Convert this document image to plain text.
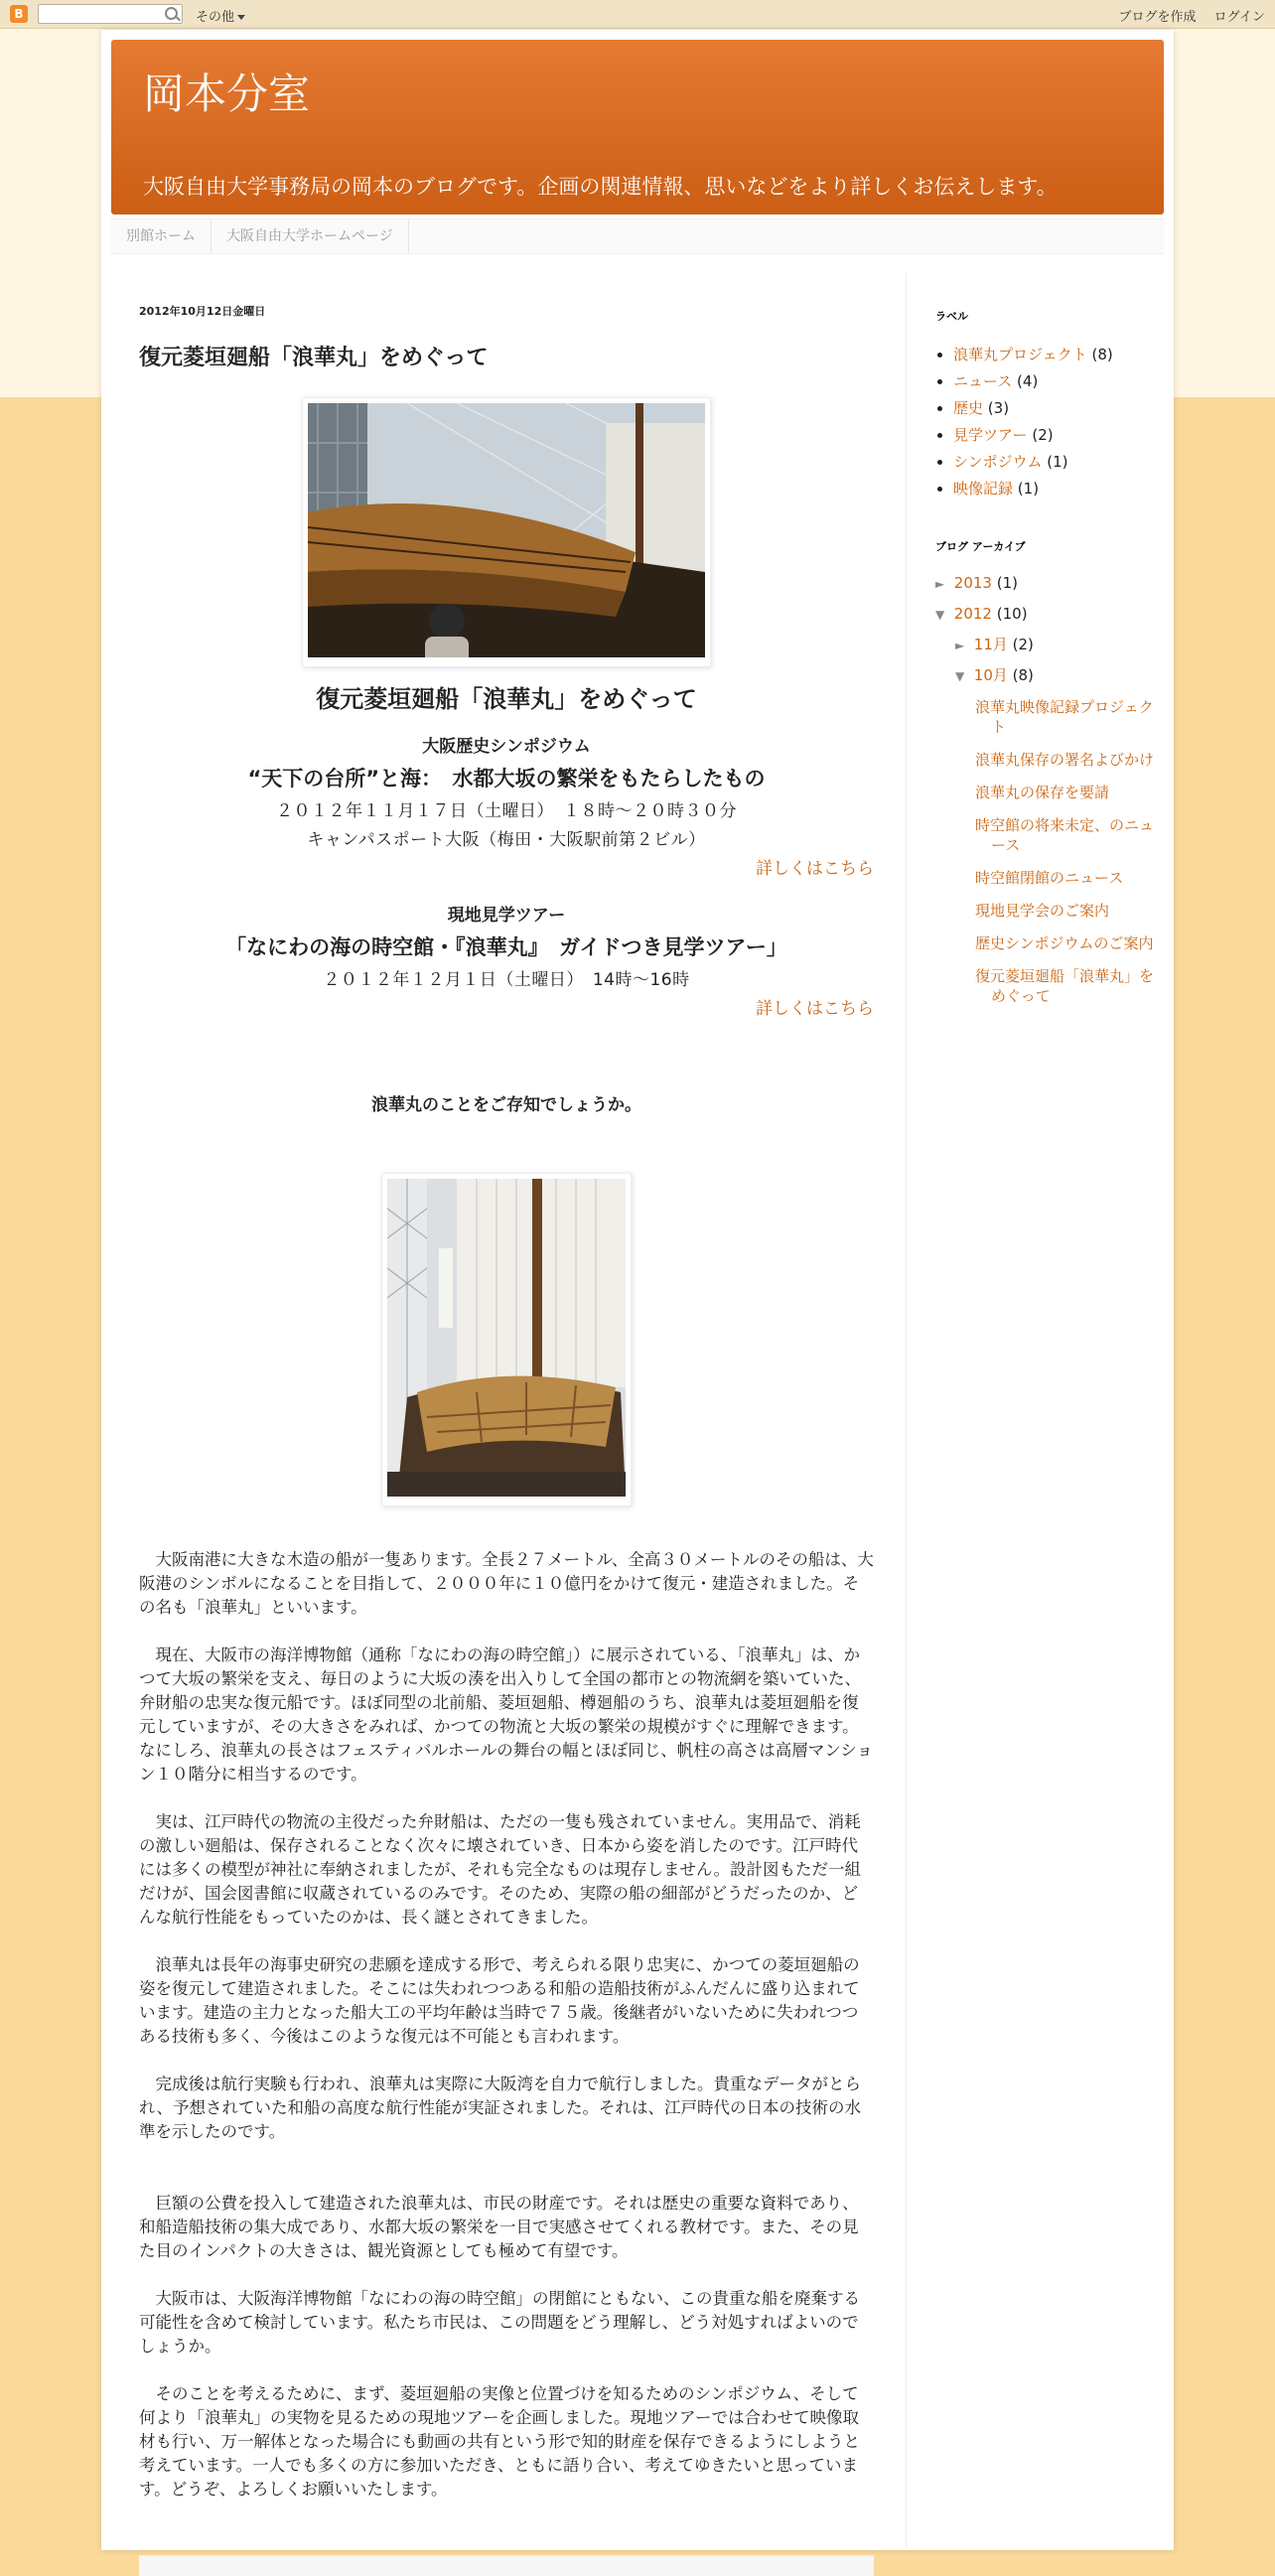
B	その他	ブログを作成 ログイン
岡本分室
大阪自由大学事務局の岡本のブログです。企画の関連情報、思いなどをより詳しくお伝えします。
別館ホーム	大阪自由大学ホームページ
2012年10月12日金曜日
復元菱垣廻船「浪華丸」をめぐって
復元菱垣廻船「浪華丸」をめぐって
大阪歴史シンポジウム
“天下の台所”と海：　水都大坂の繁栄をもたらしたもの
２０１２年１１月１７日（土曜日）　１８時～２０時３０分
キャンパスポート大阪（梅田・大阪駅前第２ビル）
詳しくはこちら
現地見学ツアー
「なにわの海の時空館・『浪華丸』　ガイドつき見学ツアー」
２０１２年１２月１日（土曜日）　14時～16時
詳しくはこちら
浪華丸のことをご存知でしょうか。
大阪南港に大きな木造の船が一隻あります。全長２７メートル、全高３０メートルのその船は、大阪港のシンボルになることを目指して、２０００年に１０億円をかけて復元・建造されました。その名も「浪華丸」といいます。
現在、大阪市の海洋博物館（通称「なにわの海の時空館」）に展示されている、「浪華丸」は、かつて大坂の繁栄を支え、毎日のように大坂の湊を出入りして全国の都市との物流網を築いていた、弁財船の忠実な復元船です。ほぼ同型の北前船、菱垣廻船、樽廻船のうち、浪華丸は菱垣廻船を復元していますが、その大きさをみれば、かつての物流と大坂の繁栄の規模がすぐに理解できます。　なにしろ、浪華丸の長さはフェスティバルホールの舞台の幅とほぼ同じ、帆柱の高さは高層マンション１０階分に相当するのです。
実は、江戸時代の物流の主役だった弁財船は、ただの一隻も残されていません。実用品で、消耗の激しい廻船は、保存されることなく次々に壊されていき、日本から姿を消したのです。江戸時代には多くの模型が神社に奉納されましたが、それも完全なものは現存しません。設計図もただ一組だけが、国会図書館に収蔵されているのみです。そのため、実際の船の細部がどうだったのか、どんな航行性能をもっていたのかは、長く謎とされてきました。
浪華丸は長年の海事史研究の悲願を達成する形で、考えられる限り忠実に、かつての菱垣廻船の姿を復元して建造されました。そこには失われつつある和船の造船技術がふんだんに盛り込まれています。建造の主力となった船大工の平均年齢は当時で７５歳。後継者がいないために失われつつある技術も多く、今後はこのような復元は不可能とも言われます。
完成後は航行実験も行われ、浪華丸は実際に大阪湾を自力で航行しました。貴重なデータがとられ、予想されていた和船の高度な航行性能が実証されました。それは、江戸時代の日本の技術の水準を示したのです。
巨額の公費を投入して建造された浪華丸は、市民の財産です。それは歴史の重要な資料であり、和船造船技術の集大成であり、水都大坂の繁栄を一目で実感させてくれる教材です。また、その見た目のインパクトの大きさは、観光資源としても極めて有望です。
大阪市は、大阪海洋博物館「なにわの海の時空館」の閉館にともない、この貴重な船を廃棄する可能性を含めて検討しています。私たち市民は、この問題をどう理解し、どう対処すればよいのでしょうか。
そのことを考えるために、まず、菱垣廻船の実像と位置づけを知るためのシンポジウム、そして何より「浪華丸」の実物を見るための現地ツアーを企画しました。現地ツアーでは合わせて映像取材も行い、万一解体となった場合にも動画の共有という形で知的財産を保存できるようにしようと考えています。一人でも多くの方に参加いただき、ともに語り合い、考えてゆきたいと思っています。どうぞ、よろしくお願いいたします。
ラベル
• 浪華丸プロジェクト (8)
• ニュース (4)
• 歴史 (3)
• 見学ツアー (2)
• シンポジウム (1)
• 映像記録 (1)
ブログ アーカイブ
► 2013 (1)
▼ 2012 (10)
► 11月 (2)
▼ 10月 (8)
浪華丸映像記録プロジェクト
浪華丸保存の署名よびかけ
浪華丸の保存を要請
時空館の将来未定、のニュース
時空館閉館のニュース
現地見学会のご案内
歴史シンポジウムのご案内
復元菱垣廻船「浪華丸」をめぐって
